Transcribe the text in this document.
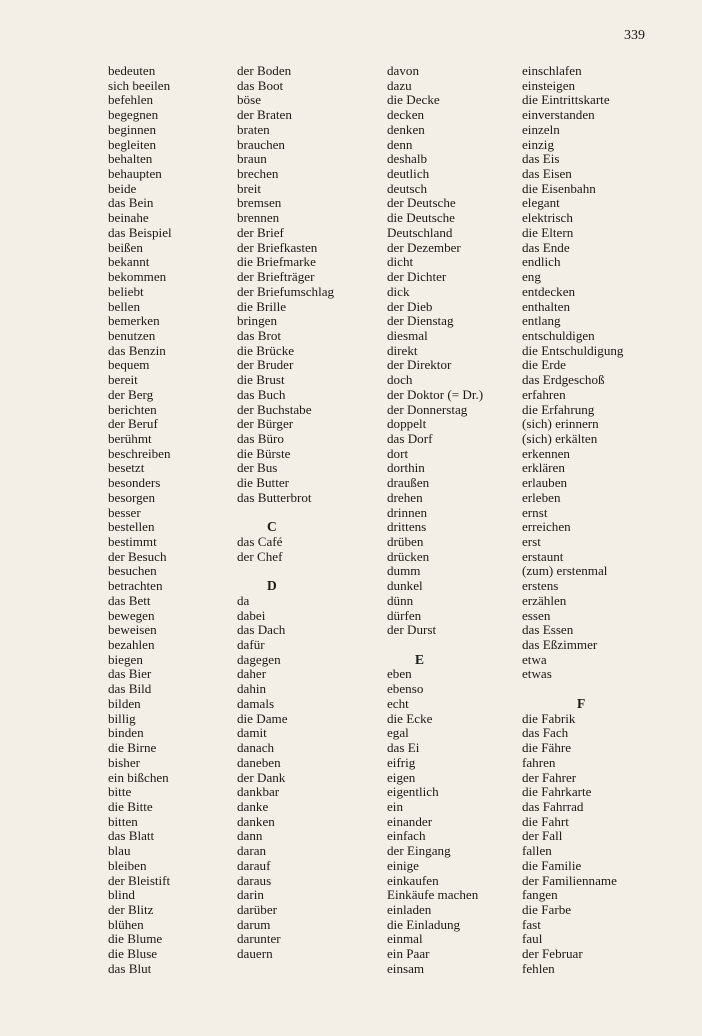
339
bedeuten
sich beeilen
befehlen
begegnen
beginnen
begleiten
behalten
behaupten
beide
das Bein
beinahe
das Beispiel
beißen
bekannt
bekommen
beliebt
bellen
bemerken
benutzen
das Benzin
bequem
bereit
der Berg
berichten
der Beruf
berühmt
beschreiben
besetzt
besonders
besorgen
besser
bestellen
bestimmt
der Besuch
besuchen
betrachten
das Bett
bewegen
beweisen
bezahlen
biegen
das Bier
das Bild
bilden
billig
binden
die Birne
bisher
ein bißchen
bitte
die Bitte
bitten
das Blatt
blau
bleiben
der Bleistift
blind
der Blitz
blühen
die Blume
die Bluse
das Blut
der Boden
das Boot
böse
der Braten
braten
brauchen
braun
brechen
breit
bremsen
brennen
der Brief
der Briefkasten
die Briefmarke
der Briefträger
der Briefumschlag
die Brille
bringen
das Brot
die Brücke
der Bruder
die Brust
das Buch
der Buchstabe
der Bürger
das Büro
die Bürste
der Bus
die Butter
das Butterbrot
C
das Café
der Chef
D
da
dabei
das Dach
dafür
dagegen
daher
dahin
damals
die Dame
damit
danach
daneben
der Dank
dankbar
danke
danken
dann
daran
darauf
daraus
darin
darüber
darum
darunter
dauern
davon
dazu
die Decke
decken
denken
denn
deshalb
deutlich
deutsch
der Deutsche
die Deutsche
Deutschland
der Dezember
dicht
der Dichter
dick
der Dieb
der Dienstag
diesmal
direkt
der Direktor
doch
der Doktor (= Dr.)
der Donnerstag
doppelt
das Dorf
dort
dorthin
draußen
drehen
drinnen
drittens
drüben
drücken
dumm
dunkel
dünn
dürfen
der Durst
E
eben
ebenso
echt
die Ecke
egal
das Ei
eifrig
eigen
eigentlich
ein
einander
einfach
der Eingang
einige
einkaufen
Einkäufe machen
einladen
die Einladung
einmal
ein Paar
einsam
einschlafen
einsteigen
die Eintrittskarte
einverstanden
einzeln
einzig
das Eis
das Eisen
die Eisenbahn
elegant
elektrisch
die Eltern
das Ende
endlich
eng
entdecken
enthalten
entlang
entschuldigen
die Entschuldigung
die Erde
das Erdgeschoß
erfahren
die Erfahrung
(sich) erinnern
(sich) erkälten
erkennen
erklären
erlauben
erleben
ernst
erreichen
erst
erstaunt
(zum) erstenmal
erstens
erzählen
essen
das Essen
das Eßzimmer
etwa
etwas
F
die Fabrik
das Fach
die Fähre
fahren
der Fahrer
die Fahrkarte
das Fahrrad
die Fahrt
der Fall
fallen
die Familie
der Familienname
fangen
die Farbe
fast
faul
der Februar
fehlen
